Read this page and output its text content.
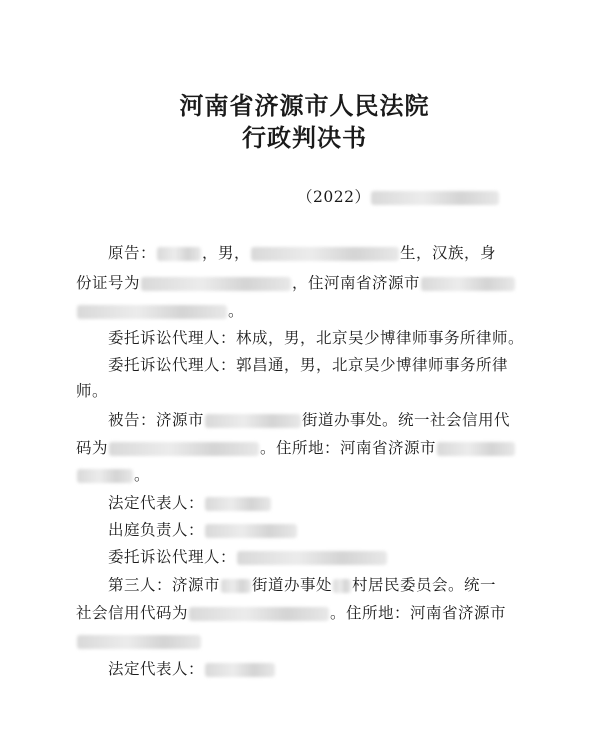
河南省济源市人民法院
行政判决书
（2022）
原告：	，男，	生，汉族，身
份证号为	，住河南省济源市
。
委托诉讼代理人：林成，男，北京吴少博律师事务所律师。
委托诉讼代理人：郭昌通，男，北京吴少博律师事务所律
师。
被告：济源市	街道办事处。统一社会信用代
码为	。住所地：河南省济源市
。
法定代表人：
出庭负责人：
委托诉讼代理人：
第三人：济源市 街道办事处 村居民委员会。统一
社会信用代码为	。住所地：河南省济源市
法定代表人：
